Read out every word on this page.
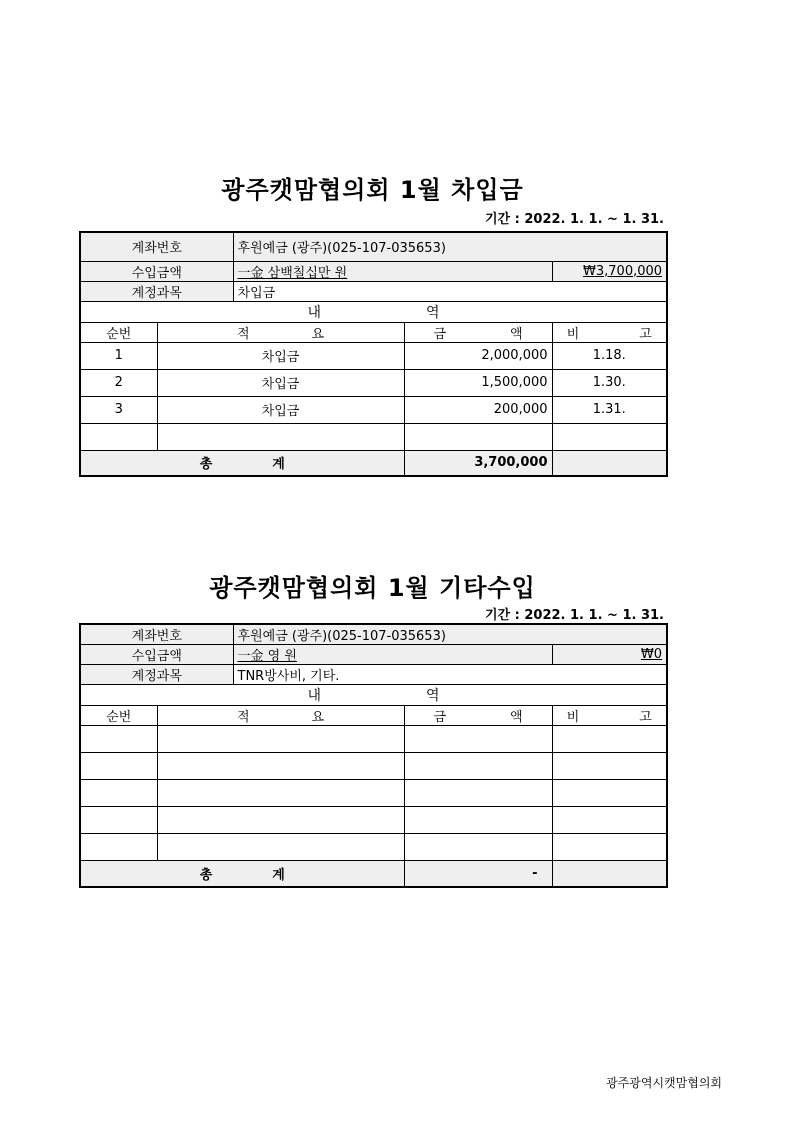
광주캣맘협의회 1월 차입금
기간 : 2022. 1. 1. ~ 1. 31.
계좌번호		후원예금 (광주)(025-107-035653)		
수입금액		一金 삼백칠십만 원		₩3,700,000
계정과목		차입금		
내 역				
순번	적 요		금 액	비 고
1	차입금		2,000,000	1.18.
2	차입금		1,500,000	1.30.
3	차입금		200,000	1.31.

총 계			3,700,000	
광주캣맘협의회 1월 기타수입
기간 : 2022. 1. 1. ~ 1. 31.
계좌번호		후원예금 (광주)(025-107-035653)		
수입금액		一金 영 원		₩0
계정과목		TNR방사비, 기타.		
내 역				
순번	적 요		금 액	비 고

총 계			-	
광주광역시캣맘협의회
